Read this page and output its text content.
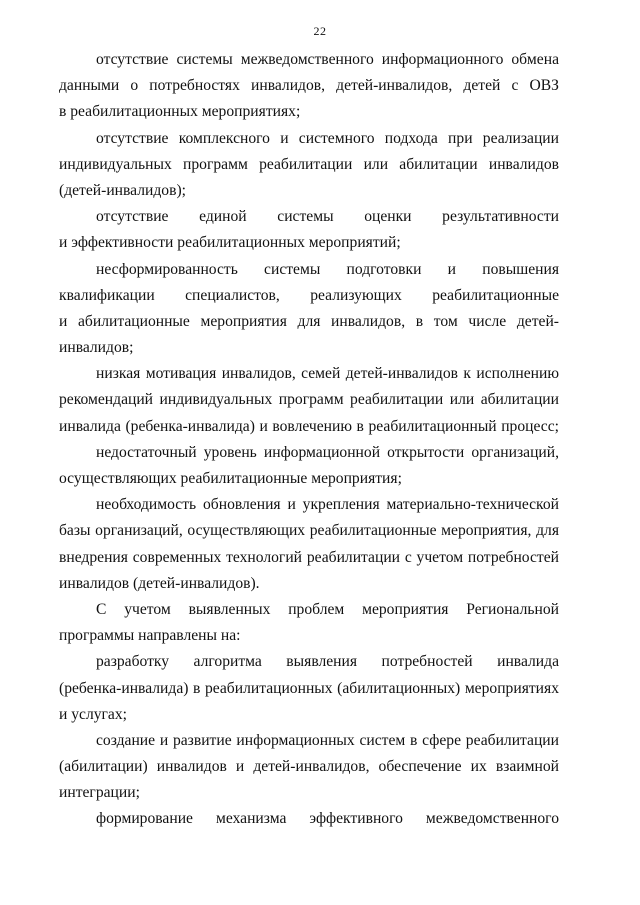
22
отсутствие системы межведомственного информационного обмена
данными о потребностях инвалидов, детей-инвалидов, детей с ОВЗ
в реабилитационных мероприятиях;
отсутствие комплексного и системного подхода при реализации
индивидуальных программ реабилитации или абилитации инвалидов
(детей-инвалидов);
отсутствие единой системы оценки результативности
и эффективности реабилитационных мероприятий;
несформированность системы подготовки и повышения
квалификации специалистов, реализующих реабилитационные
и абилитационные мероприятия для инвалидов, в том числе детей-
инвалидов;
низкая мотивация инвалидов, семей детей-инвалидов к исполнению
рекомендаций индивидуальных программ реабилитации или абилитации
инвалида (ребенка-инвалида) и вовлечению в реабилитационный процесс;
недостаточный уровень информационной открытости организаций,
осуществляющих реабилитационные мероприятия;
необходимость обновления и укрепления материально-технической
базы организаций, осуществляющих реабилитационные мероприятия, для
внедрения современных технологий реабилитации с учетом потребностей
инвалидов (детей-инвалидов).
С учетом выявленных проблем мероприятия Региональной
программы направлены на:
разработку алгоритма выявления потребностей инвалида
(ребенка-инвалида) в реабилитационных (абилитационных) мероприятиях
и услугах;
создание и развитие информационных систем в сфере реабилитации
(абилитации) инвалидов и детей-инвалидов, обеспечение их взаимной
интеграции;
формирование механизма эффективного межведомственного
